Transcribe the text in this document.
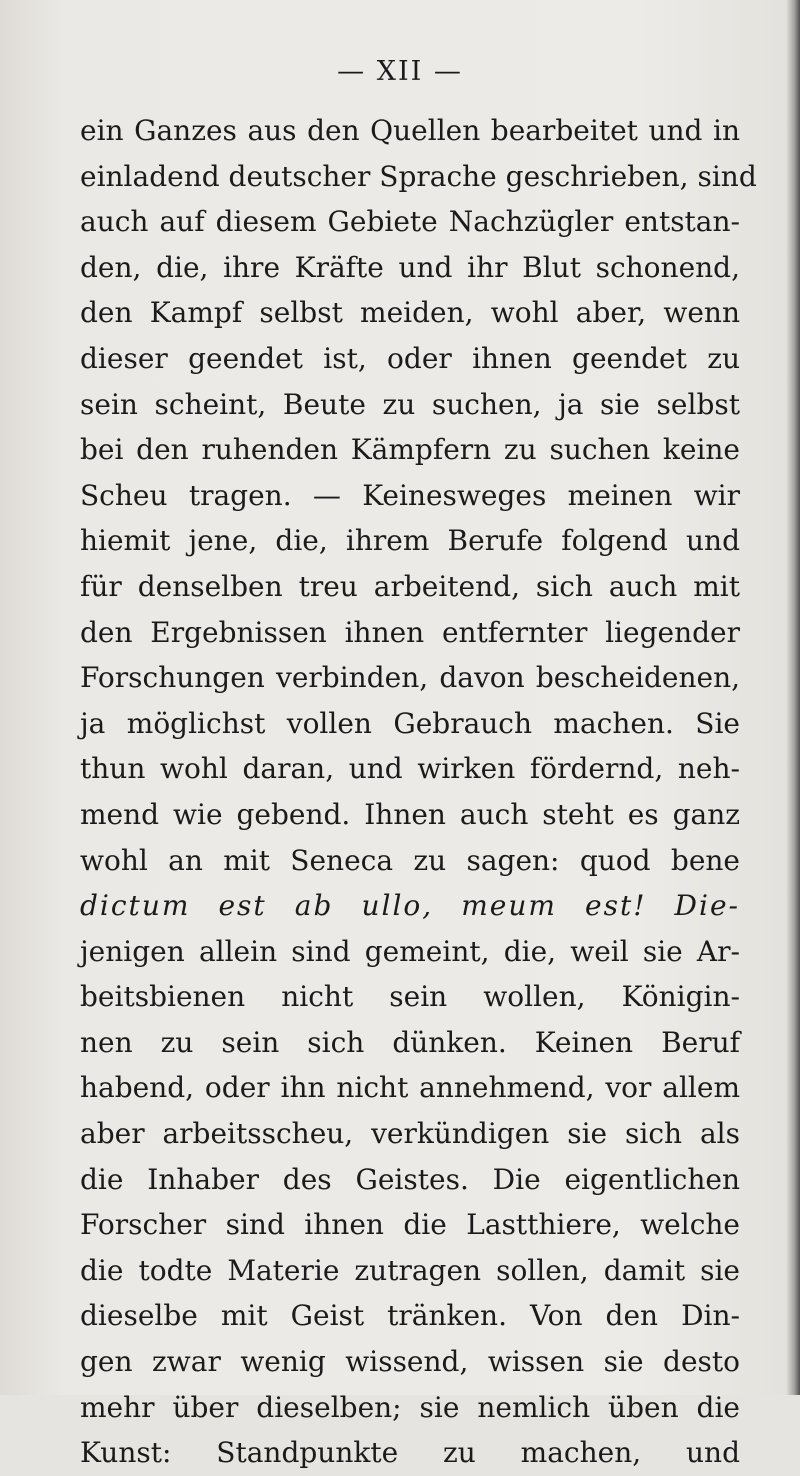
— XII —
ein Ganzes aus den Quellen bearbeitet und in
einladend deutscher Sprache geschrieben, sind
auch auf diesem Gebiete Nachzügler entstan-
den, die, ihre Kräfte und ihr Blut schonend,
den Kampf selbst meiden, wohl aber, wenn
dieser geendet ist, oder ihnen geendet zu
sein scheint, Beute zu suchen, ja sie selbst
bei den ruhenden Kämpfern zu suchen keine
Scheu tragen. — Keinesweges meinen wir
hiemit jene, die, ihrem Berufe folgend und
für denselben treu arbeitend, sich auch mit
den Ergebnissen ihnen entfernter liegender
Forschungen verbinden, davon bescheidenen,
ja möglichst vollen Gebrauch machen. Sie
thun wohl daran, und wirken fördernd, neh-
mend wie gebend. Ihnen auch steht es ganz
wohl an mit Seneca zu sagen: quod bene
dictum est ab ullo, meum est! Die-
jenigen allein sind gemeint, die, weil sie Ar-
beitsbienen nicht sein wollen, Königin-
nen zu sein sich dünken. Keinen Beruf
habend, oder ihn nicht annehmend, vor allem
aber arbeitsscheu, verkündigen sie sich als
die Inhaber des Geistes. Die eigentlichen
Forscher sind ihnen die Lastthiere, welche
die todte Materie zutragen sollen, damit sie
dieselbe mit Geist tränken. Von den Din-
gen zwar wenig wissend, wissen sie desto
mehr über dieselben; sie nemlich üben die
Kunst: Standpunkte zu machen, und
